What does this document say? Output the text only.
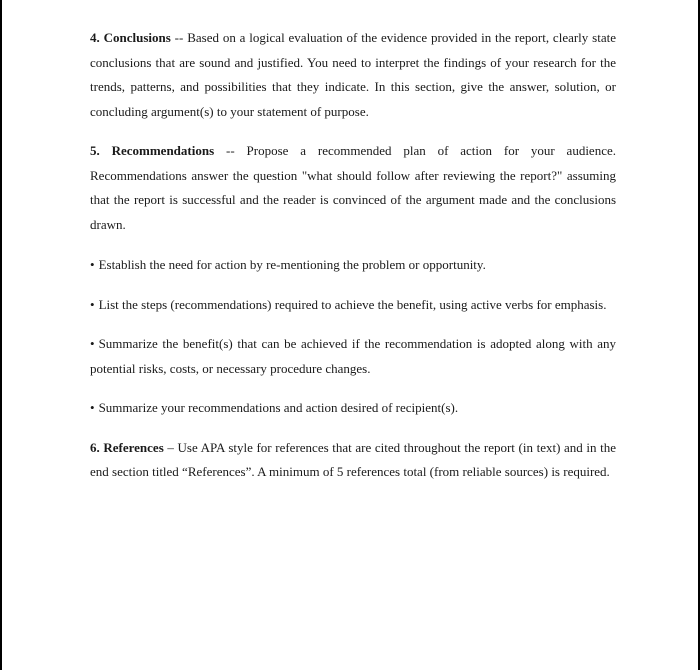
4. Conclusions -- Based on a logical evaluation of the evidence provided in the report, clearly state conclusions that are sound and justified. You need to interpret the findings of your research for the trends, patterns, and possibilities that they indicate. In this section, give the answer, solution, or concluding argument(s) to your statement of purpose.

5. Recommendations -- Propose a recommended plan of action for your audience. Recommendations answer the question "what should follow after reviewing the report?" assuming that the report is successful and the reader is convinced of the argument made and the conclusions drawn.

• Establish the need for action by re-mentioning the problem or opportunity.

• List the steps (recommendations) required to achieve the benefit, using active verbs for emphasis.

• Summarize the benefit(s) that can be achieved if the recommendation is adopted along with any potential risks, costs, or necessary procedure changes.

• Summarize your recommendations and action desired of recipient(s).

6. References – Use APA style for references that are cited throughout the report (in text) and in the end section titled “References”. A minimum of 5 references total (from reliable sources) is required.
